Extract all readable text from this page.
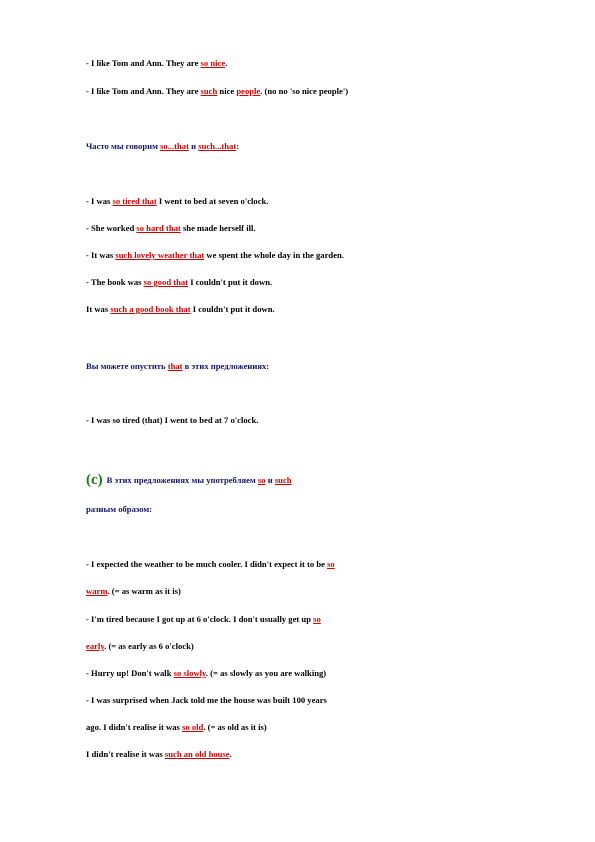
- I like Tom and Ann. They are so nice.
- I like Tom and Ann. They are such nice people. (no no 'so nice people')
Часто мы говорим so...that и such...that:
- I was so tired that I went to bed at seven o'clock.
- She worked so hard that she made herself ill.
- It was such lovely weather that we spent the whole day in the garden.
- The book was so good that I couldn't put it down.
It was such a good book that I couldn't put it down.
Вы можете опустить that в этих предложениях:
- I was so tired (that) I went to bed at 7 o'clock.
(c) В этих предложениях мы употребляем so и such
разным образом:
- I expected the weather to be much cooler. I didn't expect it to be so
warm. (= as warm as it is)
- I'm tired because I got up at 6 o'clock. I don't usually get up so
early. (= as early as 6 o'clock)
- Hurry up! Don't walk so slowly. (= as slowly as you are walking)
- I was surprised when Jack told me the house was built 100 years
ago. I didn't realise it was so old. (= as old as it is)
I didn't realise it was such an old house.
